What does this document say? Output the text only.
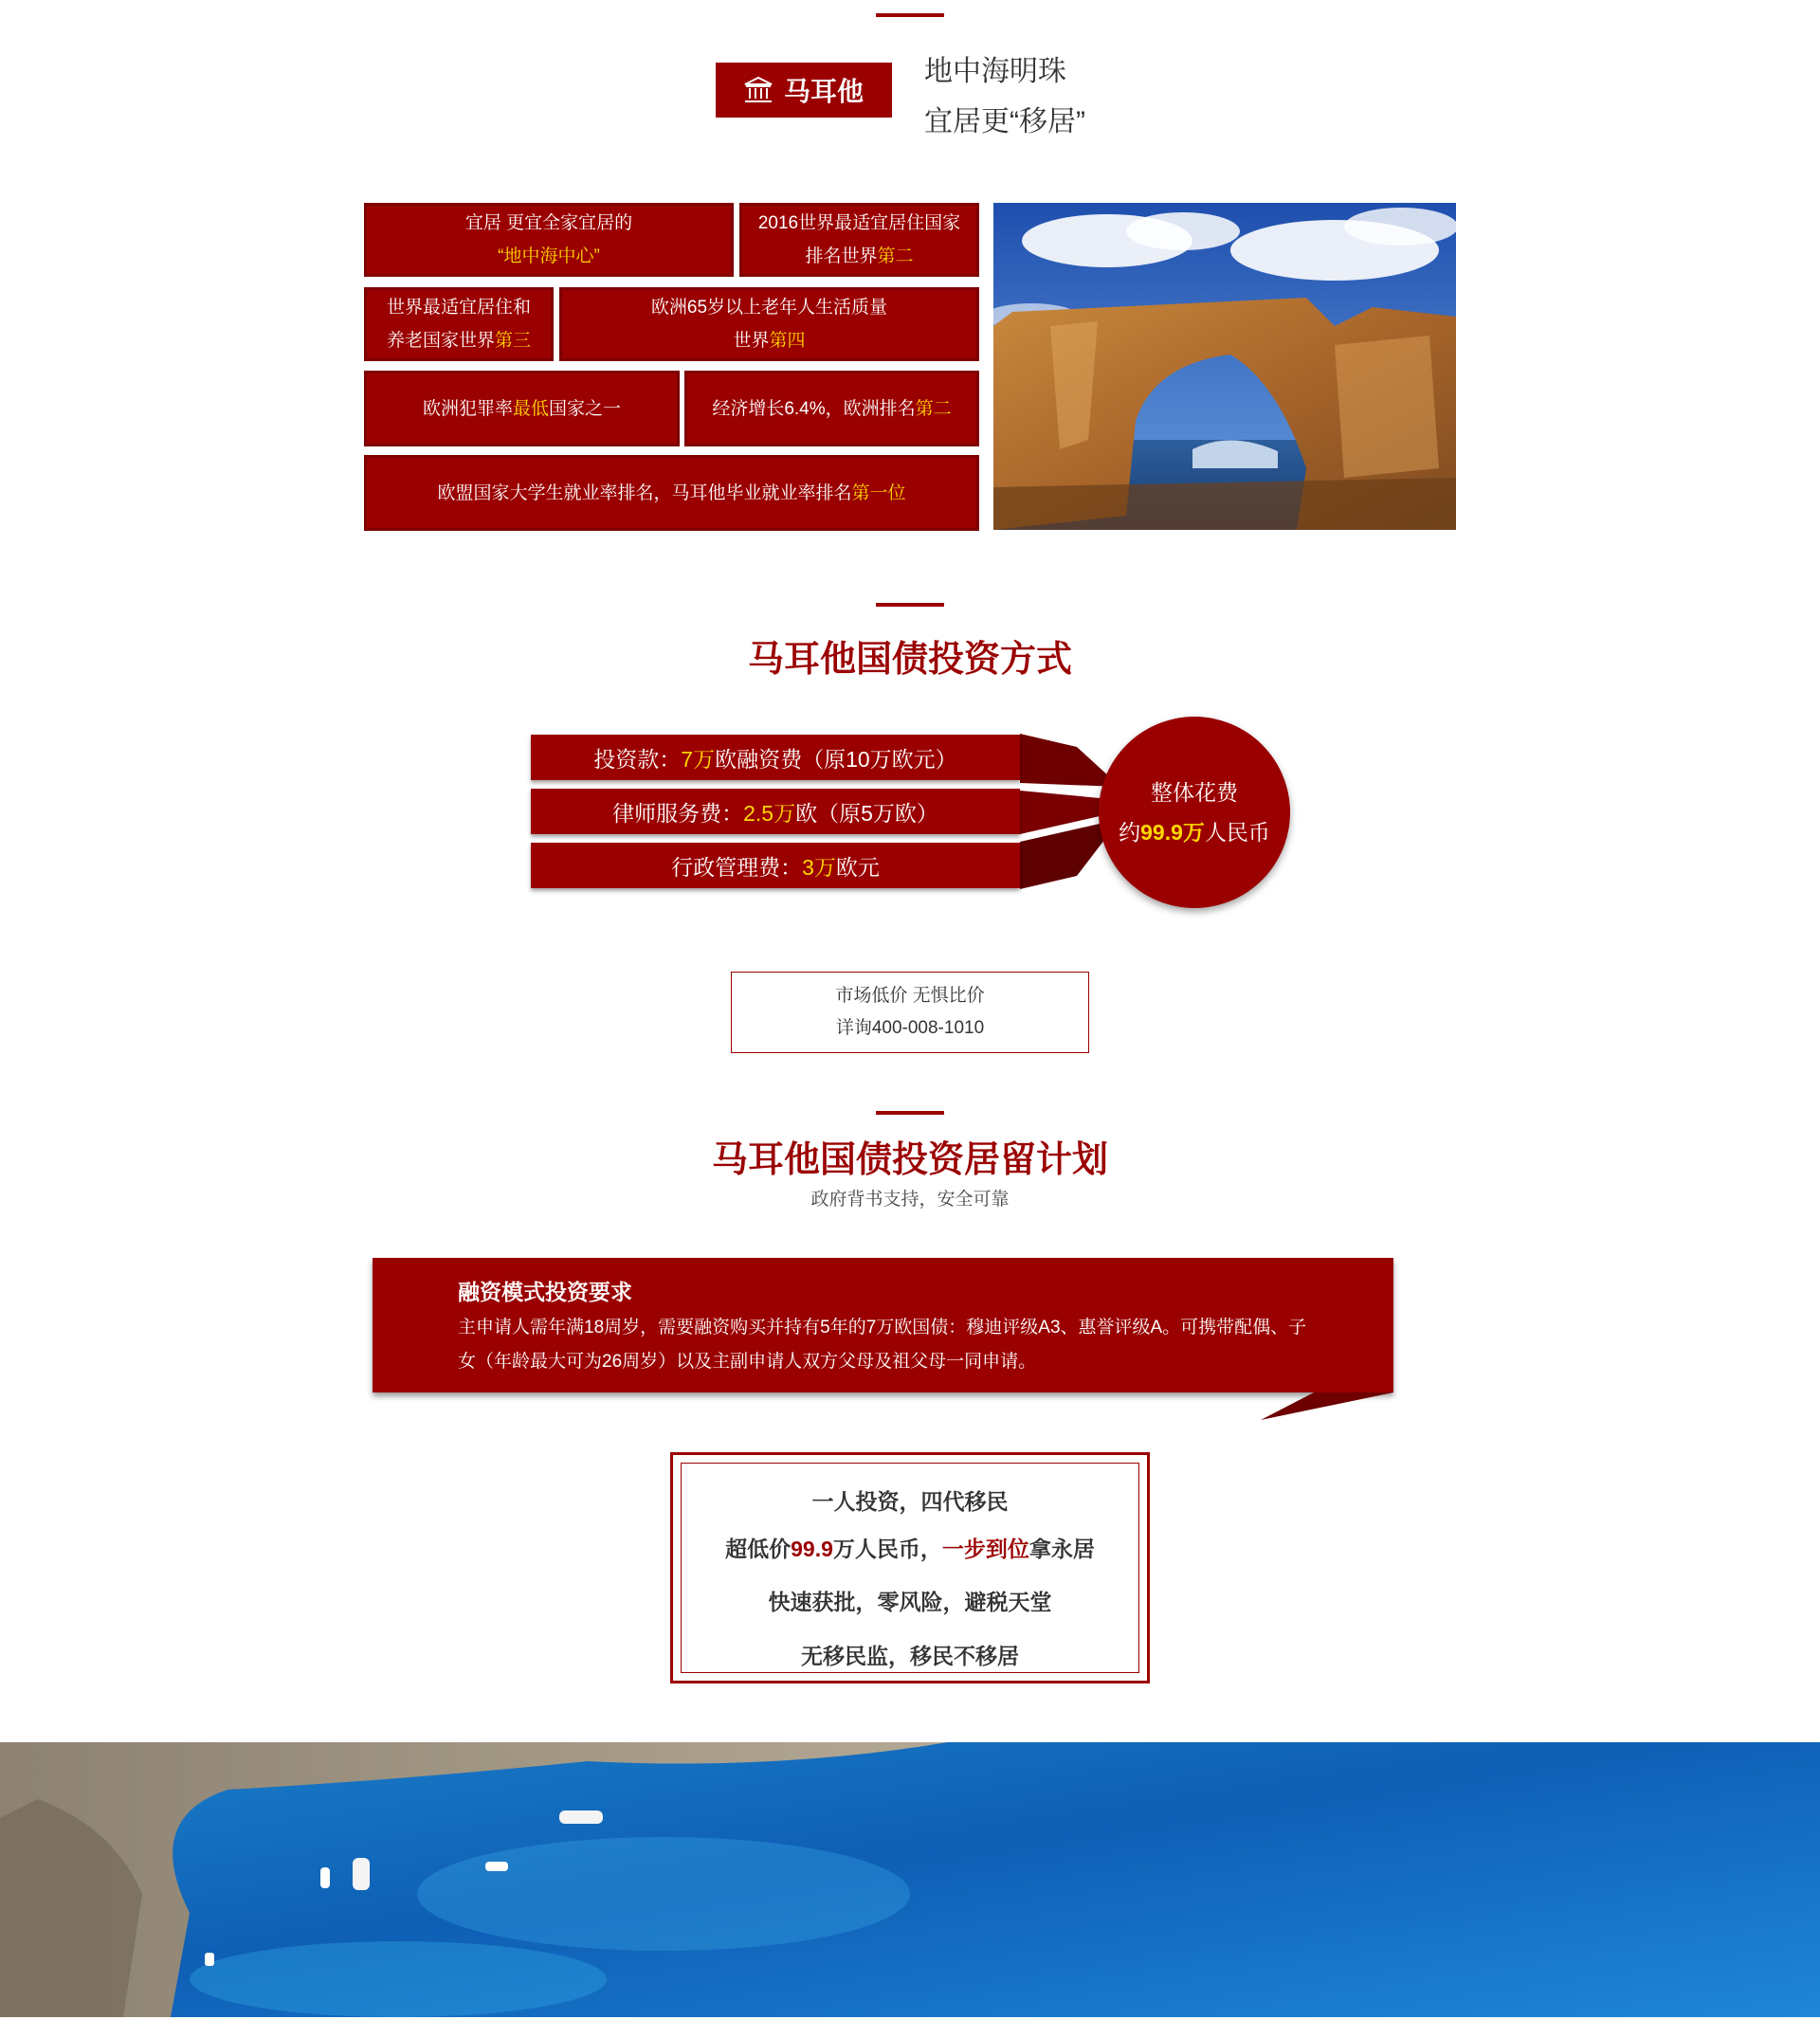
马耳他
地中海明珠
宜居更“移居”
宜居 更宜全家宜居的
“地中海中心”
2016世界最适宜居住国家
排名世界第二
世界最适宜居住和
养老国家世界第三
欧洲65岁以上老年人生活质量
世界第四
欧洲犯罪率最低国家之一	经济增长6.4%，欧洲排名第二
欧盟国家大学生就业率排名，马耳他毕业就业率排名第一位
马耳他国债投资方式
投资款： 7万 欧融资费（原10万欧元）
律师服务费： 2.5万 欧（原5万欧）
行政管理费： 3万 欧元
整体花费
约99.9万人民币
市场低价 无惧比价
详询400-008-1010
马耳他国债投资居留计划
政府背书支持，安全可靠
融资模式投资要求
主申请人需年满18周岁，需要融资购买并持有5年的7万欧国债：穆迪评级A3、惠誉评级A。可携带配偶、子女（年龄最大可为26周岁）以及主副申请人双方父母及祖父母一同申请。
一人投资，四代移民
超低价99.9万人民币，一步到位拿永居
快速获批，零风险，避税天堂
无移民监，移民不移居
